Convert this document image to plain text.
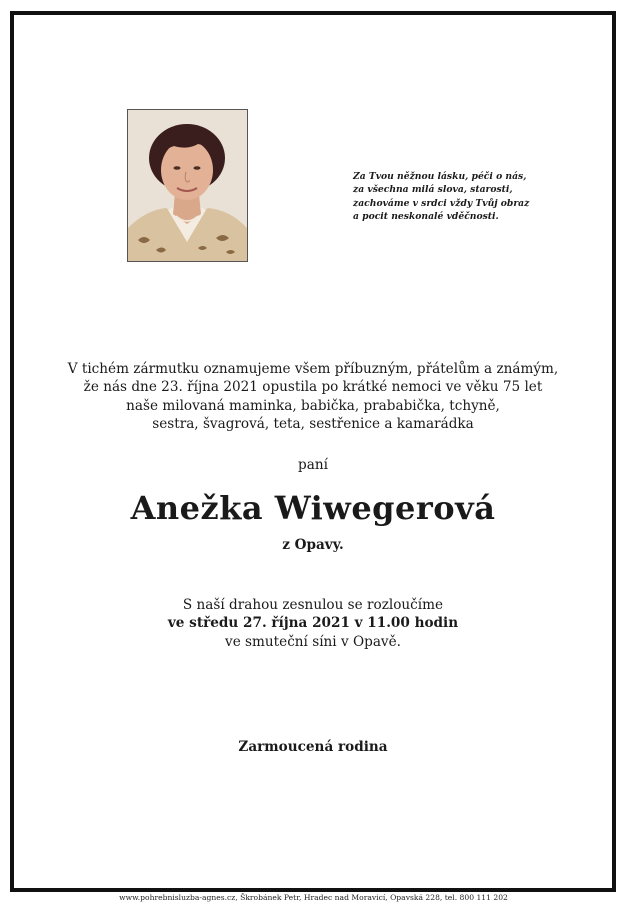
Za Tvou něžnou lásku, péči o nás,
za všechna milá slova, starosti,
zachováme v srdci vždy Tvůj obraz
a pocit neskonalé vděčnosti.
V tichém zármutku oznamujeme všem příbuzným, přátelům a známým,
že nás dne 23. října 2021 opustila po krátké nemoci ve věku 75 let
naše milovaná maminka, babička, prababička, tchyně,
sestra, švagrová, teta, sestřenice a kamarádka
paní
Anežka Wiwegerová
z Opavy.
S naší drahou zesnulou se rozloučíme
ve středu 27. října 2021 v 11.00 hodin
ve smuteční síni v Opavě.
Zarmoucená rodina
www.pohrebnisluzba-agnes.cz, Škrobánek Petr, Hradec nad Moravicí, Opavská 228, tel. 800 111 202
